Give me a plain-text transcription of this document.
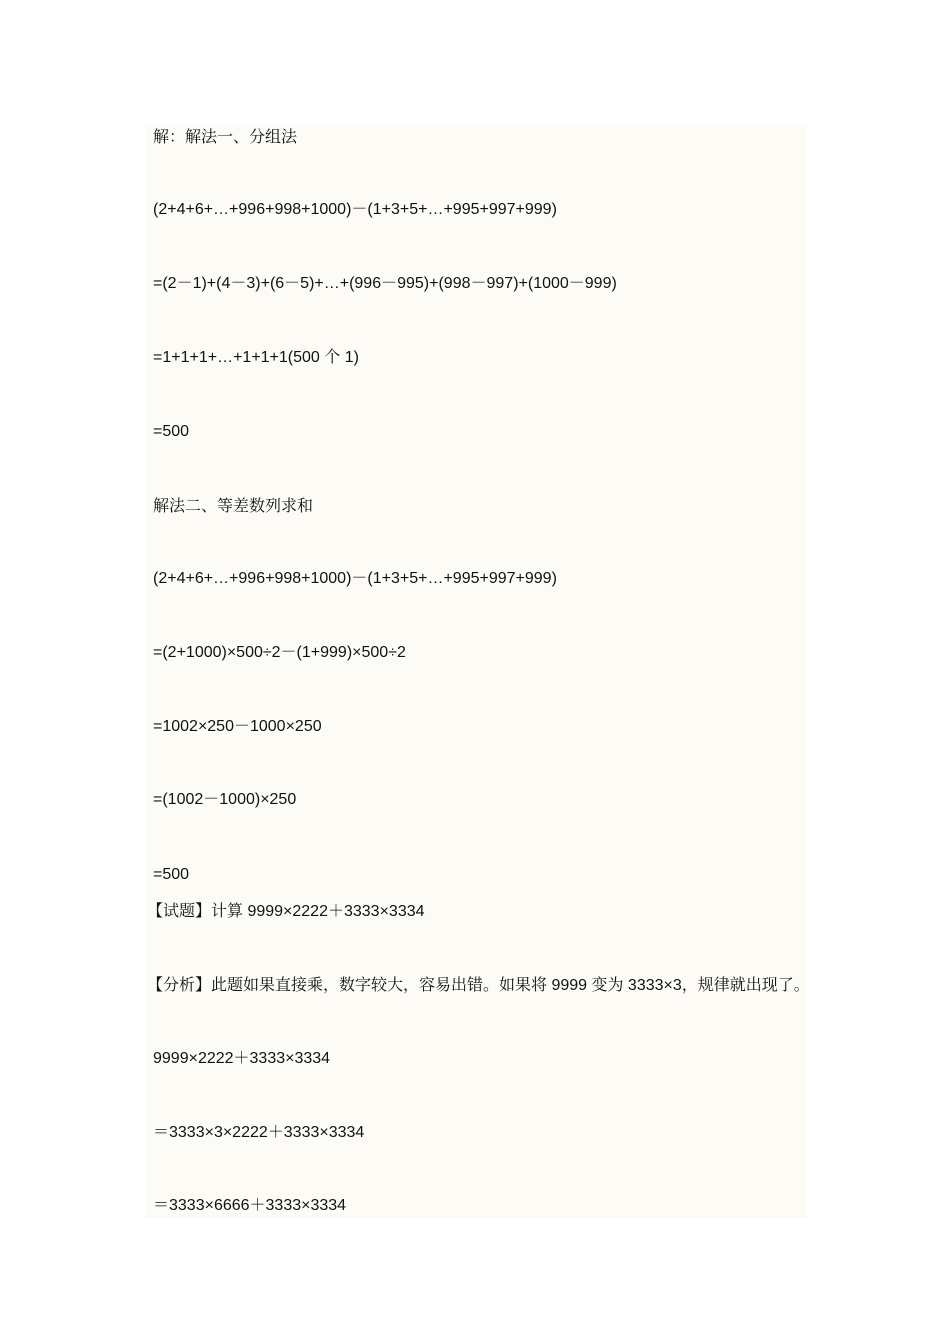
解：解法一、分组法
(2+4+6+…+996+998+1000)－(1+3+5+…+995+997+999)
=(2－1)+(4－3)+(6－5)+…+(996－995)+(998－997)+(1000－999)
=1+1+1+…+1+1+1(500 个 1)
=500
解法二、等差数列求和
(2+4+6+…+996+998+1000)－(1+3+5+…+995+997+999)
=(2+1000)×500÷2－(1+999)×500÷2
=1002×250－1000×250
=(1002－1000)×250
=500
【试题】计算 9999×2222＋3333×3334
【分析】此题如果直接乘，数字较大，容易出错。如果将 9999 变为 3333×3，规律就出现了。
9999×2222＋3333×3334
＝3333×3×2222＋3333×3334
＝3333×6666＋3333×3334
